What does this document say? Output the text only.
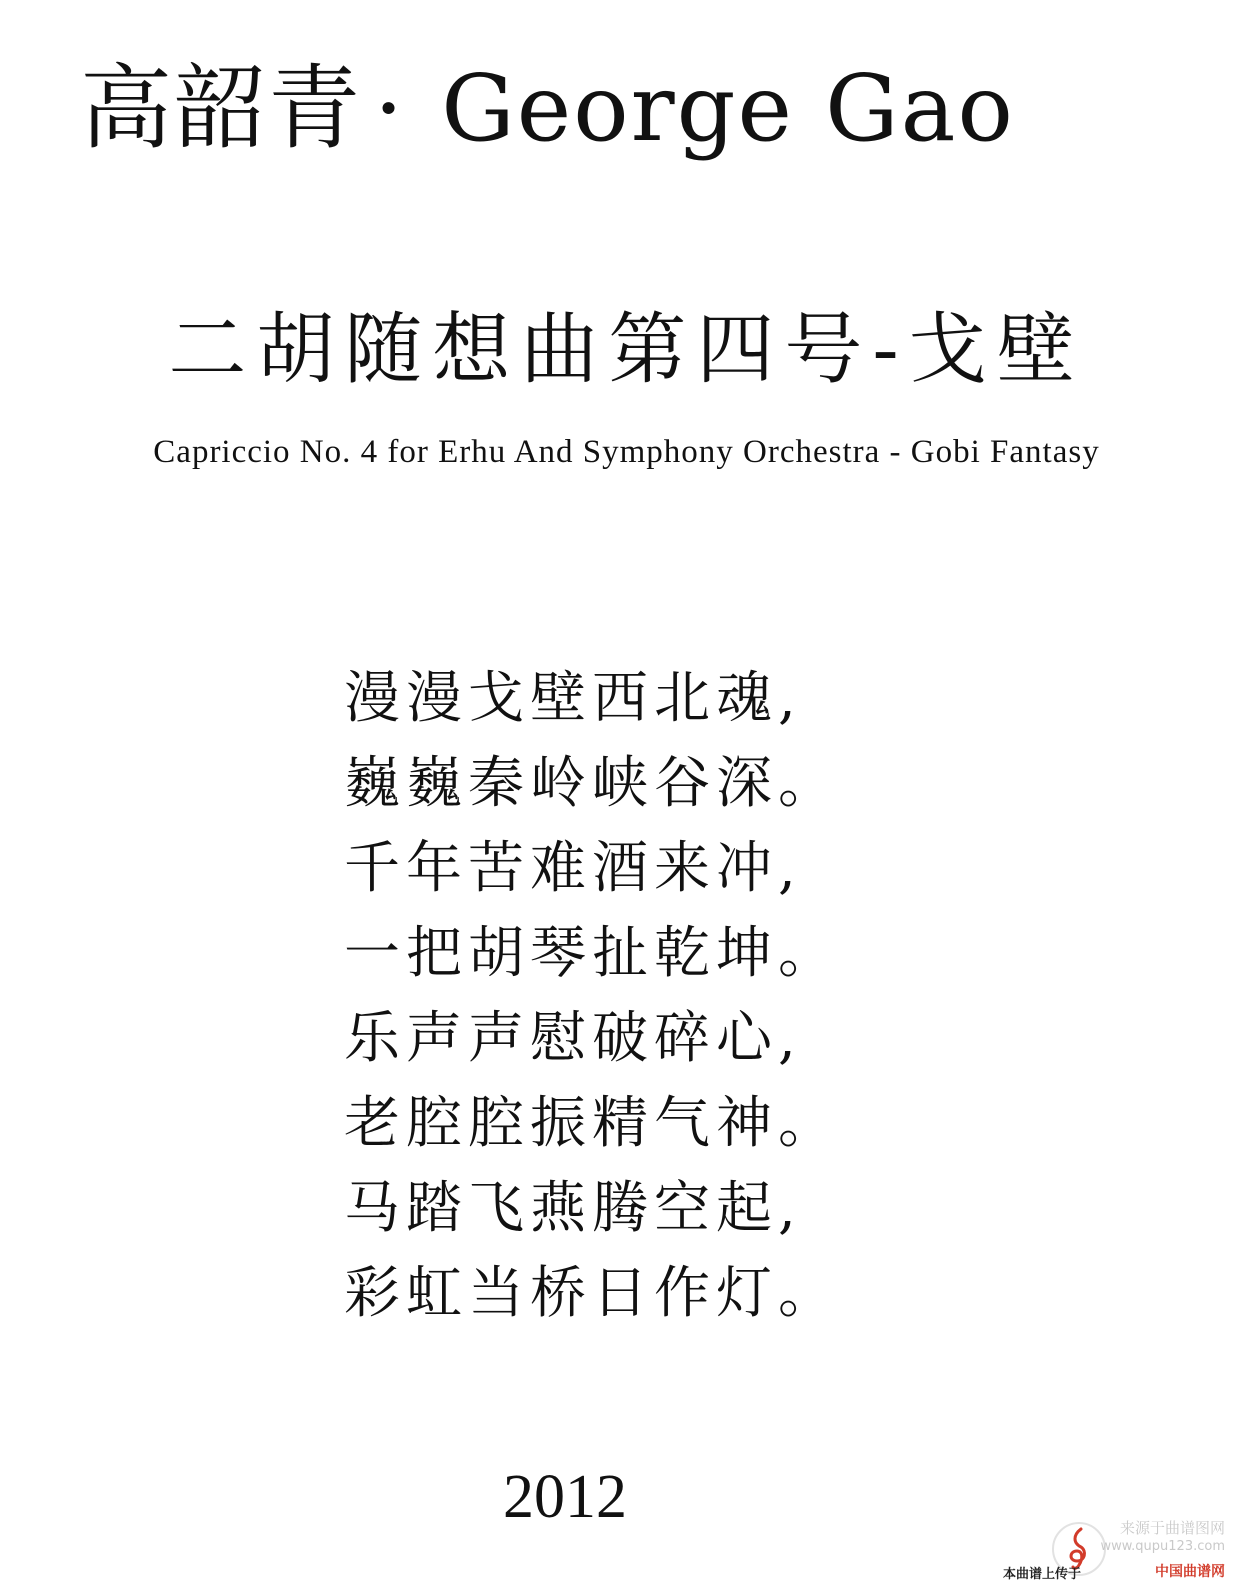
高韶青 · George Gao
二胡随想曲第四号-戈壁
Capriccio No. 4 for Erhu And Symphony Orchestra - Gobi Fantasy
漫漫戈壁西北魂,
巍巍秦岭峡谷深。
千年苦难酒来冲,
一把胡琴扯乾坤。
乐声声慰破碎心,
老腔腔振精气神。
马踏飞燕腾空起,
彩虹当桥日作灯。
2012	来源于曲谱图网
www.qupu123.com
本曲谱上传于	中国曲谱网
